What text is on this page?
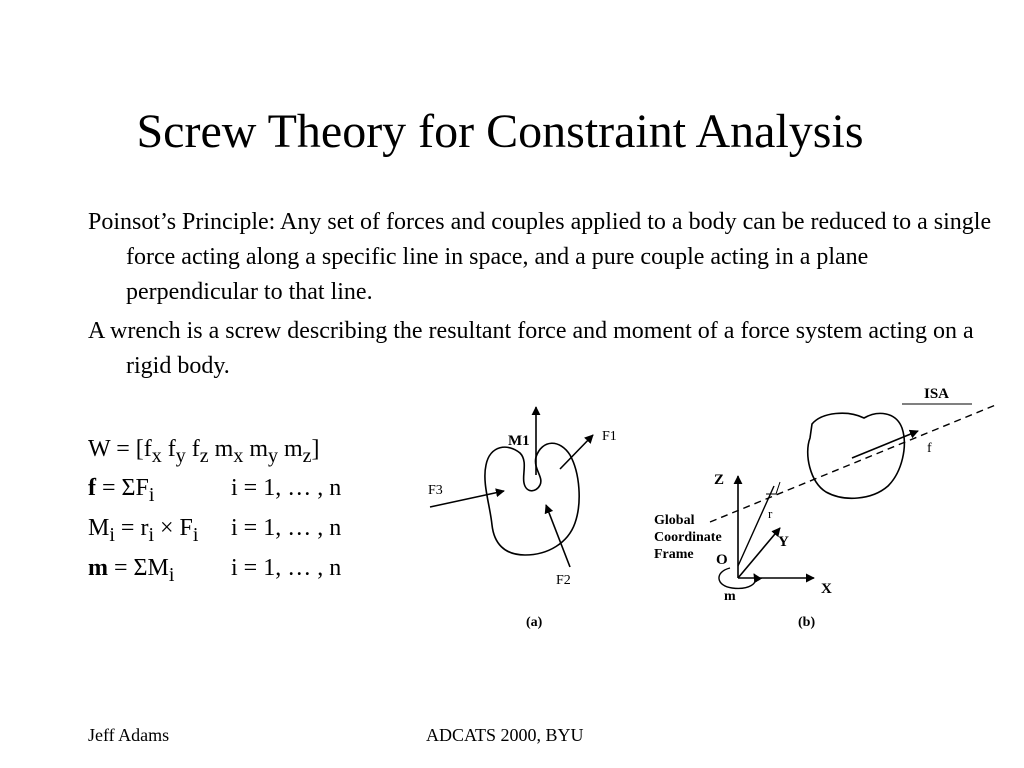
Screw Theory for Constraint Analysis
Poinsot’s Principle: Any set of forces and couples applied to a body can be reduced to a single force acting along a specific line in space, and a pure couple acting in a plane perpendicular to that line.
A wrench is a screw describing the resultant force and moment of a force system acting on a rigid body.
$W = [f_x$ $f_y$ $f_z$ $m_x$ $m_y$ $m_z$]
$f = \Sigma F_i$	i = 1, … , n
$M_i = r_i \times F_i$ i = 1, … , n
$m = \Sigma M_i$ i = 1, … , n
M1	F1
F2
F3
(a)
ISA
f
Z
r
Y
O
X
m
Global
Coordinate
Frame
(b)
Jeff Adams	ADCATS 2000, BYU
